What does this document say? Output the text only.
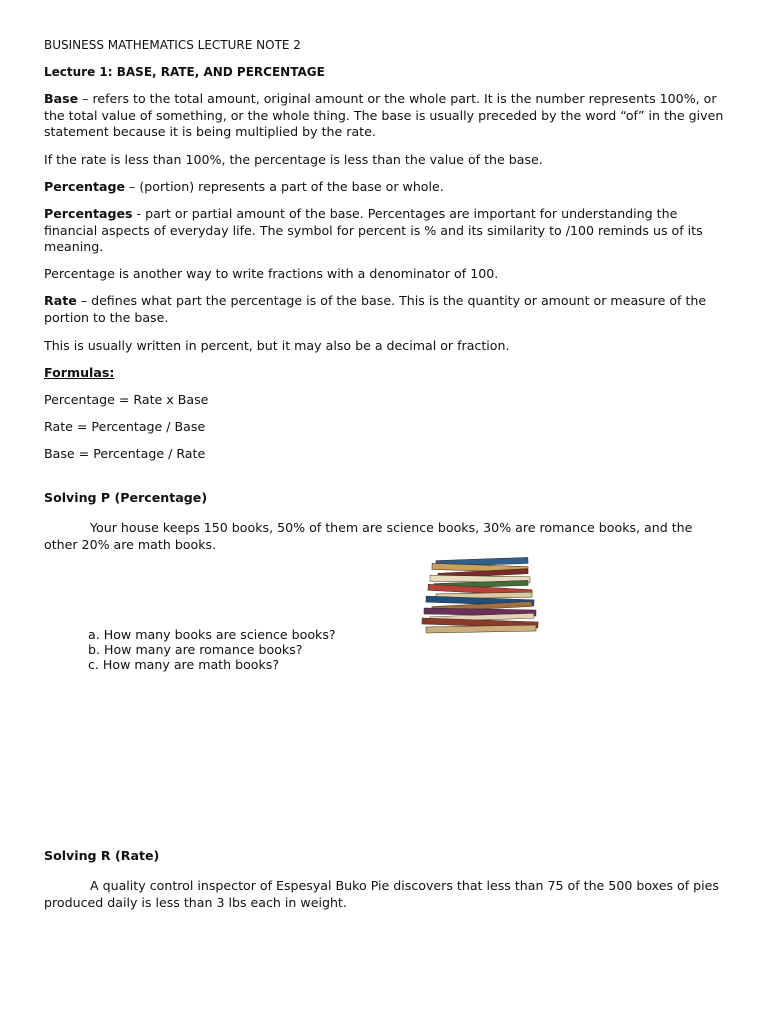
BUSINESS MATHEMATICS LECTURE NOTE 2

Lecture 1: BASE, RATE, AND PERCENTAGE

Base – refers to the total amount, original amount or the whole part. It is the number represents 100%, or the total value of something, or the whole thing. The base is usually preceded by the word “of” in the given statement because it is being multiplied by the rate.

If the rate is less than 100%, the percentage is less than the value of the base.

Percentage – (portion) represents a part of the base or whole.

Percentages - part or partial amount of the base. Percentages are important for understanding the financial aspects of everyday life. The symbol for percent is % and its similarity to /100 reminds us of its meaning.

Percentage is another way to write fractions with a denominator of 100.

Rate – defines what part the percentage is of the base. This is the quantity or amount or measure of the portion to the base.

This is usually written in percent, but it may also be a decimal or fraction.

Formulas:

Percentage = Rate x Base

Rate = Percentage / Base

Base = Percentage / Rate

Solving P (Percentage)

Your house keeps 150 books, 50% of them are science books, 30% are romance books, and the other 20% are math books.

a. How many books are science books?
b. How many are romance books?
c. How many are math books?

Solving R (Rate)

A quality control inspector of Espesyal Buko Pie discovers that less than 75 of the 500 boxes of pies produced daily is less than 3 lbs each in weight.
